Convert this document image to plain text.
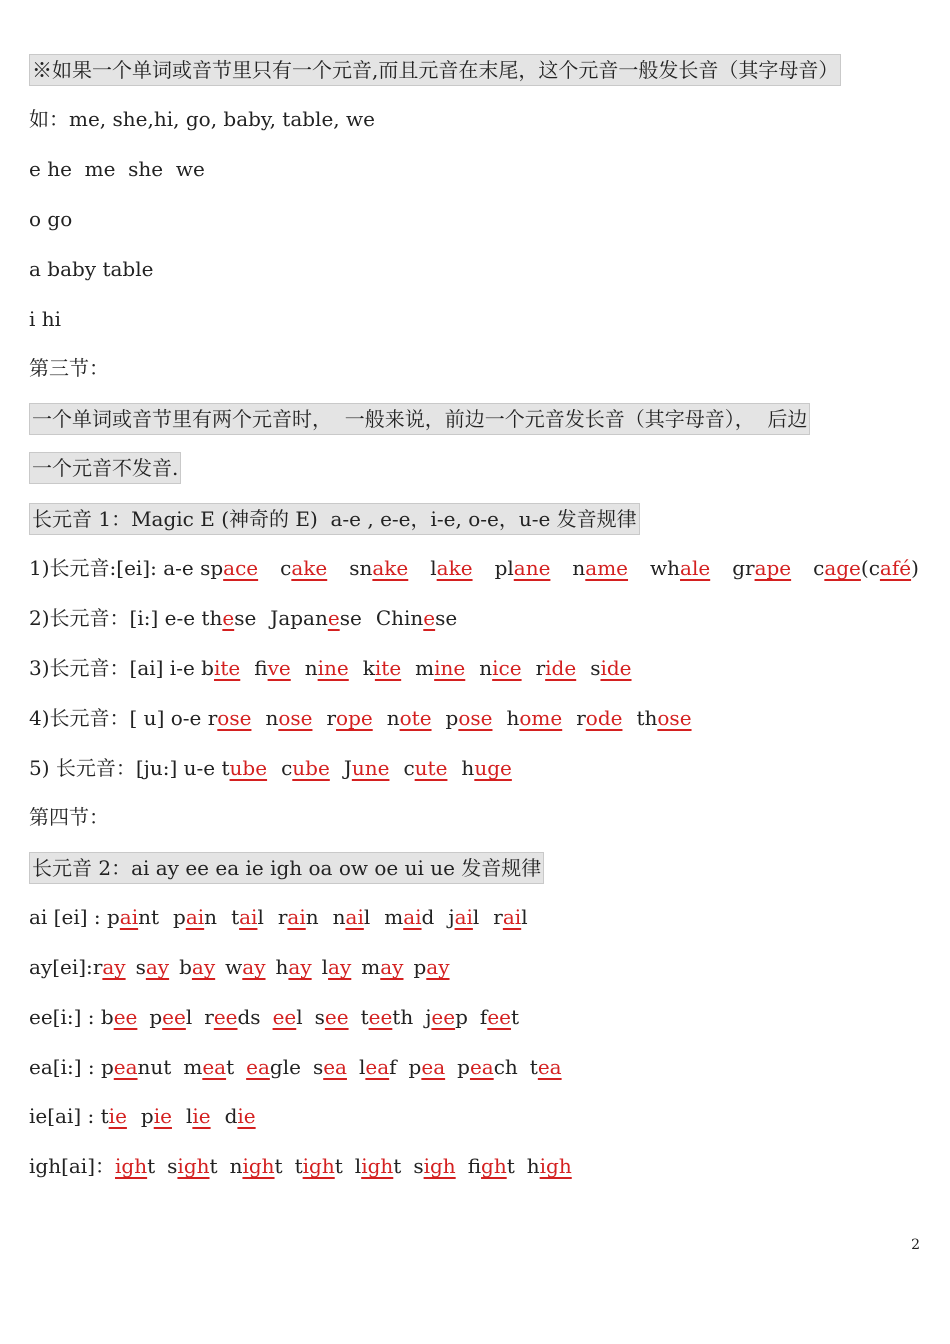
※如果一个单词或音节里只有一个元音,而且元音在末尾，这个元音一般发长音（其字母音）
如：me, she,hi, go, baby, table, we
e he  me  she  we
o go
a baby table
i hi
第三节：
一个单词或音节里有两个元音时，  一般来说，前边一个元音发长音（其字母音），  后边
一个元音不发音.
长元音 1：Magic E (神奇的 E)  a-e , e-e，i-e, o-e，u-e 发音规律
1)长元音:[ei]: a-e space cake snake lake plane name whale grape cage(café)
2)长元音：[i:] e-e these Japanese Chinese
3)长元音：[ai] i-e bite five nine kite mine nice ride side
4)长元音：[ u] o-e rose nose rope note pose home rode those
5) 长元音：[ju:] u-e tube cube June cute huge
第四节：
长元音 2：ai ay ee ea ie igh oa ow oe ui ue 发音规律
ai [ei] : paint pain tail rain nail maid jail rail
ay[ei]:ray say bay way hay lay may pay
ee[i:] : bee peel reeds eel see teeth jeep feet
ea[i:] : peanut meat eagle sea leaf pea peach tea
ie[ai] : tie pie lie die
igh[ai]：ight sight night tight light sigh fight high
2
